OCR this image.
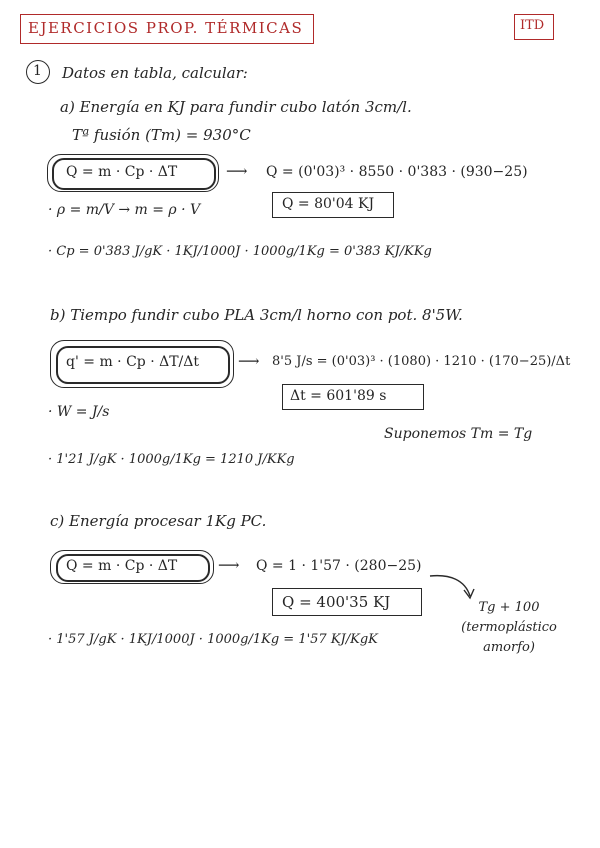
EJERCICIOS PROP. TÉRMICAS	ITD
1 Datos en tabla, calcular:
a) Energía en KJ para fundir cubo latón 3cm/l.
Tª fusión (Tm) = 930°C
Q = m · Cp · ΔT	⟶ Q = (0'03)³ · 8550 · 0'383 · (930−25)
Q = 80'04 KJ
· ρ = m/V → m = ρ · V
· Cp = 0'383 J/gK · 1KJ/1000J · 1000g/1Kg = 0'383 KJ/KKg
b) Tiempo fundir cubo PLA 3cm/l horno con pot. 8'5W.
q' = m · Cp · ΔT/Δt	⟶ 8'5 J/s = (0'03)³ · (1080) · 1210 · (170−25)/Δt
Δt = 601'89 s
· W = J/s
Suponemos Tm = Tg
· 1'21 J/gK · 1000g/1Kg = 1210 J/KKg
c) Energía procesar 1Kg PC.
Q = m · Cp · ΔT	⟶ Q = 1 · 1'57 · (280−25)
Q = 400'35 KJ	Tg + 100 (termoplástico amorfo)
· 1'57 J/gK · 1KJ/1000J · 1000g/1Kg = 1'57 KJ/KgK
